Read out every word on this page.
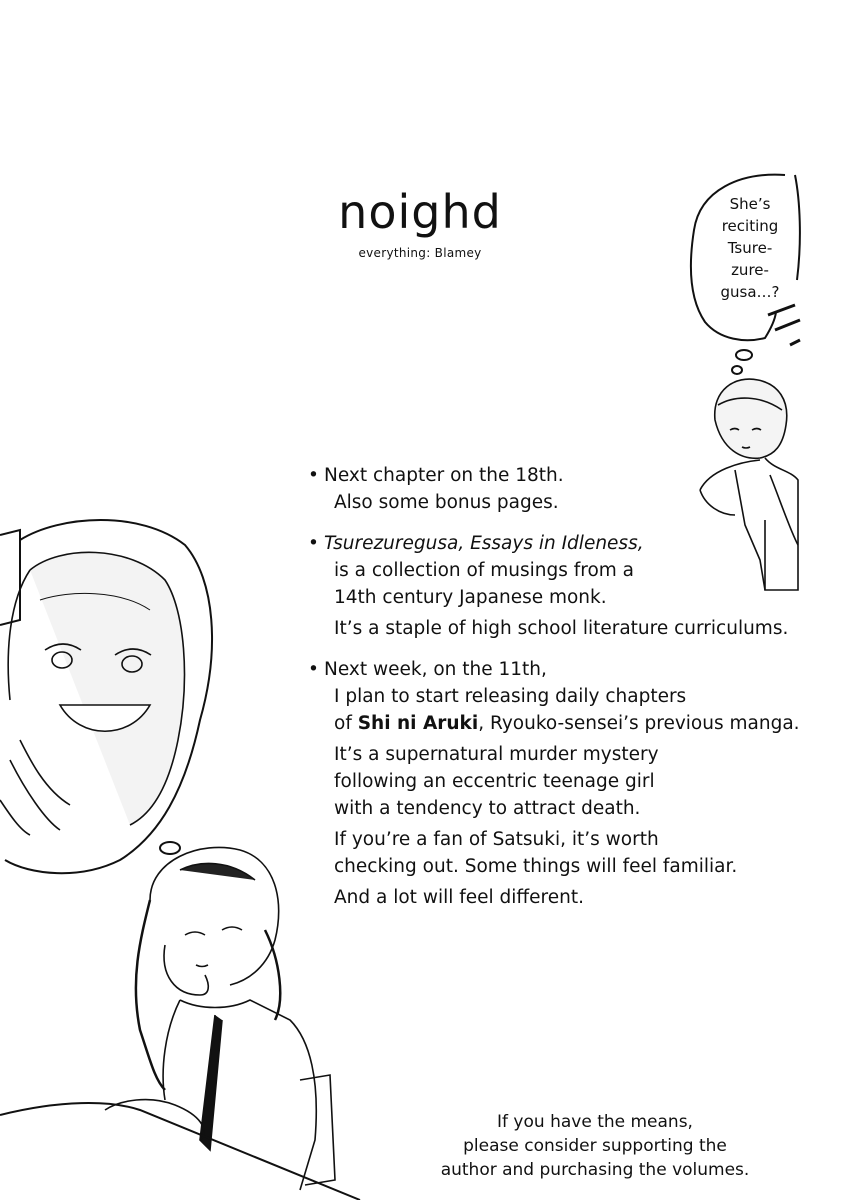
noighd
everything: Blamey
She’s
reciting
Tsure-
zure-
gusa…?
• Next chapter on the 18th.
Also some bonus pages.
• Tsurezuregusa, Essays in Idleness,
is a collection of musings from a
14th century Japanese monk.
It’s a staple of high school literature curriculums.
• Next week, on the 11th,
I plan to start releasing daily chapters
of Shi ni Aruki, Ryouko-sensei’s previous manga.
It’s a supernatural murder mystery
following an eccentric teenage girl
with a tendency to attract death.
If you’re a fan of Satsuki, it’s worth
checking out. Some things will feel familiar.
And a lot will feel different.
If you have the means,
please consider supporting the
author and purchasing the volumes.
